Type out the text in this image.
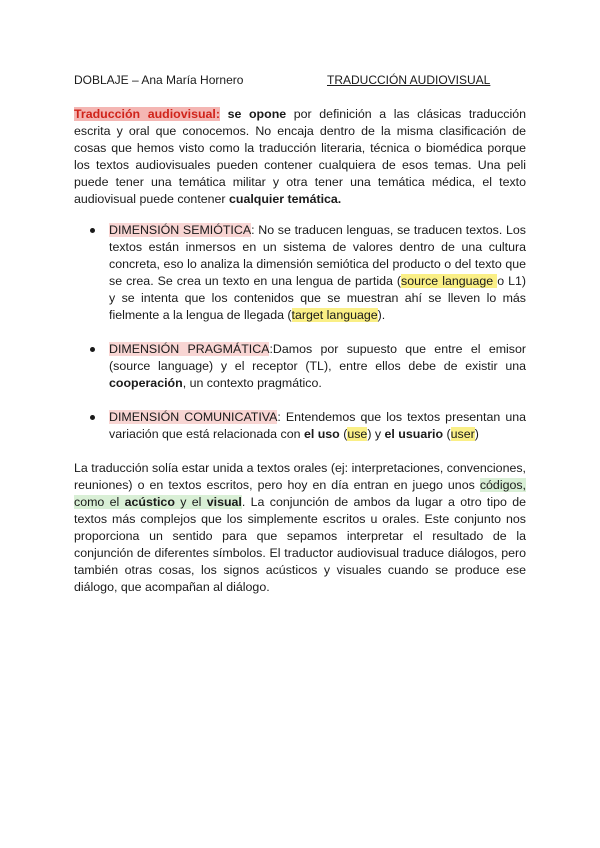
DOBLAJE – Ana María Hornero	TRADUCCIÓN AUDIOVISUAL

Traducción audiovisual: se opone por definición a las clásicas traducción escrita y oral que conocemos. No encaja dentro de la misma clasificación de cosas que hemos visto como la traducción literaria, técnica o biomédica porque los textos audiovisuales pueden contener cualquiera de esos temas. Una peli puede tener una temática militar y otra tener una temática médica, el texto audiovisual puede contener cualquier temática.

DIMENSIÓN SEMIÓTICA: No se traducen lenguas, se traducen textos. Los textos están inmersos en un sistema de valores dentro de una cultura concreta, eso lo analiza la dimensión semiótica del producto o del texto que se crea. Se crea un texto en una lengua de partida (source language o L1) y se intenta que los contenidos que se muestran ahí se lleven lo más fielmente a la lengua de llegada (target language).
DIMENSIÓN PRAGMÁTICA:Damos por supuesto que entre el emisor (source language) y el receptor (TL), entre ellos debe de existir una cooperación, un contexto pragmático.
DIMENSIÓN COMUNICATIVA: Entendemos que los textos presentan una variación que está relacionada con el uso (use) y el usuario (user)

La traducción solía estar unida a textos orales (ej: interpretaciones, convenciones, reuniones) o en textos escritos, pero hoy en día entran en juego unos códigos, como el acústico y el visual. La conjunción de ambos da lugar a otro tipo de textos más complejos que los simplemente escritos u orales. Este conjunto nos proporciona un sentido para que sepamos interpretar el resultado de la conjunción de diferentes símbolos. El traductor audiovisual traduce diálogos, pero también otras cosas, los signos acústicos y visuales cuando se produce ese diálogo, que acompañan al diálogo.
